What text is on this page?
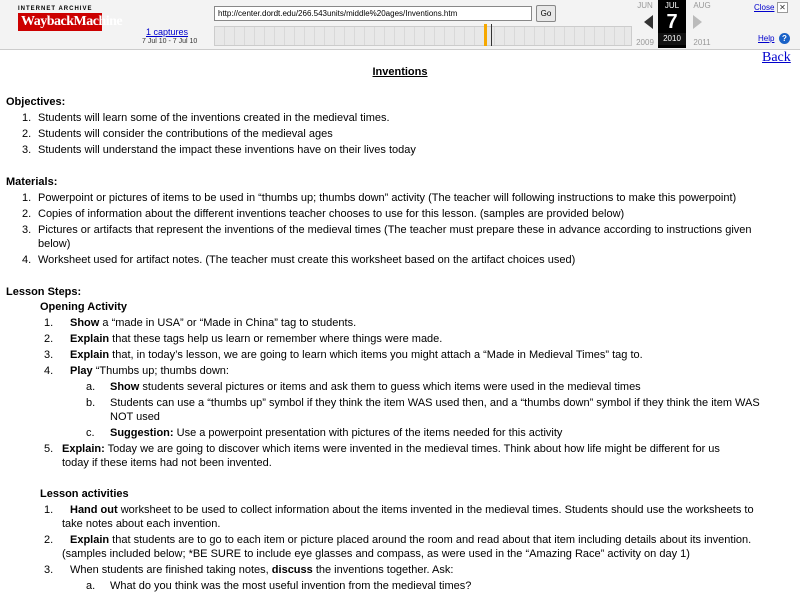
INTERNET ARCHIVE
WaybackMachine
1 captures
7 Jul 10 - 7 Jul 10
http://center.dordt.edu/266.543units/middle%20ages/Inventions.htm	Go
JUN	AUG
2009	2011
JUL
7
2010
Close ✕
Help ?
Back
Inventions
Objectives:
1. Students will learn some of the inventions created in the medieval times.
2. Students will consider the contributions of the medieval ages
3. Students will understand the impact these inventions have on their lives today
Materials:
1. Powerpoint or pictures of items to be used in “thumbs up; thumbs down” activity (The teacher will following instructions to make this powerpoint)
2. Copies of information about the different inventions teacher chooses to use for this lesson. (samples are provided below)
3. Pictures or artifacts that represent the inventions of the medieval times (The teacher must prepare these in advance according to instructions given
below)
4. Worksheet used for artifact notes. (The teacher must create this worksheet based on the artifact choices used)
Lesson Steps:
Opening Activity
1. Show a “made in USA” or “Made in China” tag to students.
2. Explain that these tags help us learn or remember where things were made.
3. Explain that, in today’s lesson, we are going to learn which items you might attach a “Made in Medieval Times” tag to.
4. Play “Thumbs up; thumbs down:
a. Show students several pictures or items and ask them to guess which items were used in the medieval times
b. Students can use a “thumbs up” symbol if they think the item WAS used then, and a “thumbs down” symbol if they think the item WAS
NOT used
c. Suggestion: Use a powerpoint presentation with pictures of the items needed for this activity
5. Explain: Today we are going to discover which items were invented in the medieval times. Think about how life might be different for us
today if these items had not been invented.
Lesson activities
1. Hand out worksheet to be used to collect information about the items invented in the medieval times. Students should use the worksheets to
take notes about each invention.
2. Explain that students are to go to each item or picture placed around the room and read about that item including details about its invention.
(samples included below; *BE SURE to include eye glasses and compass, as were used in the “Amazing Race” activity on day 1)
3. When students are finished taking notes, discuss the inventions together. Ask:
a. What do you think was the most useful invention from the medieval times?
